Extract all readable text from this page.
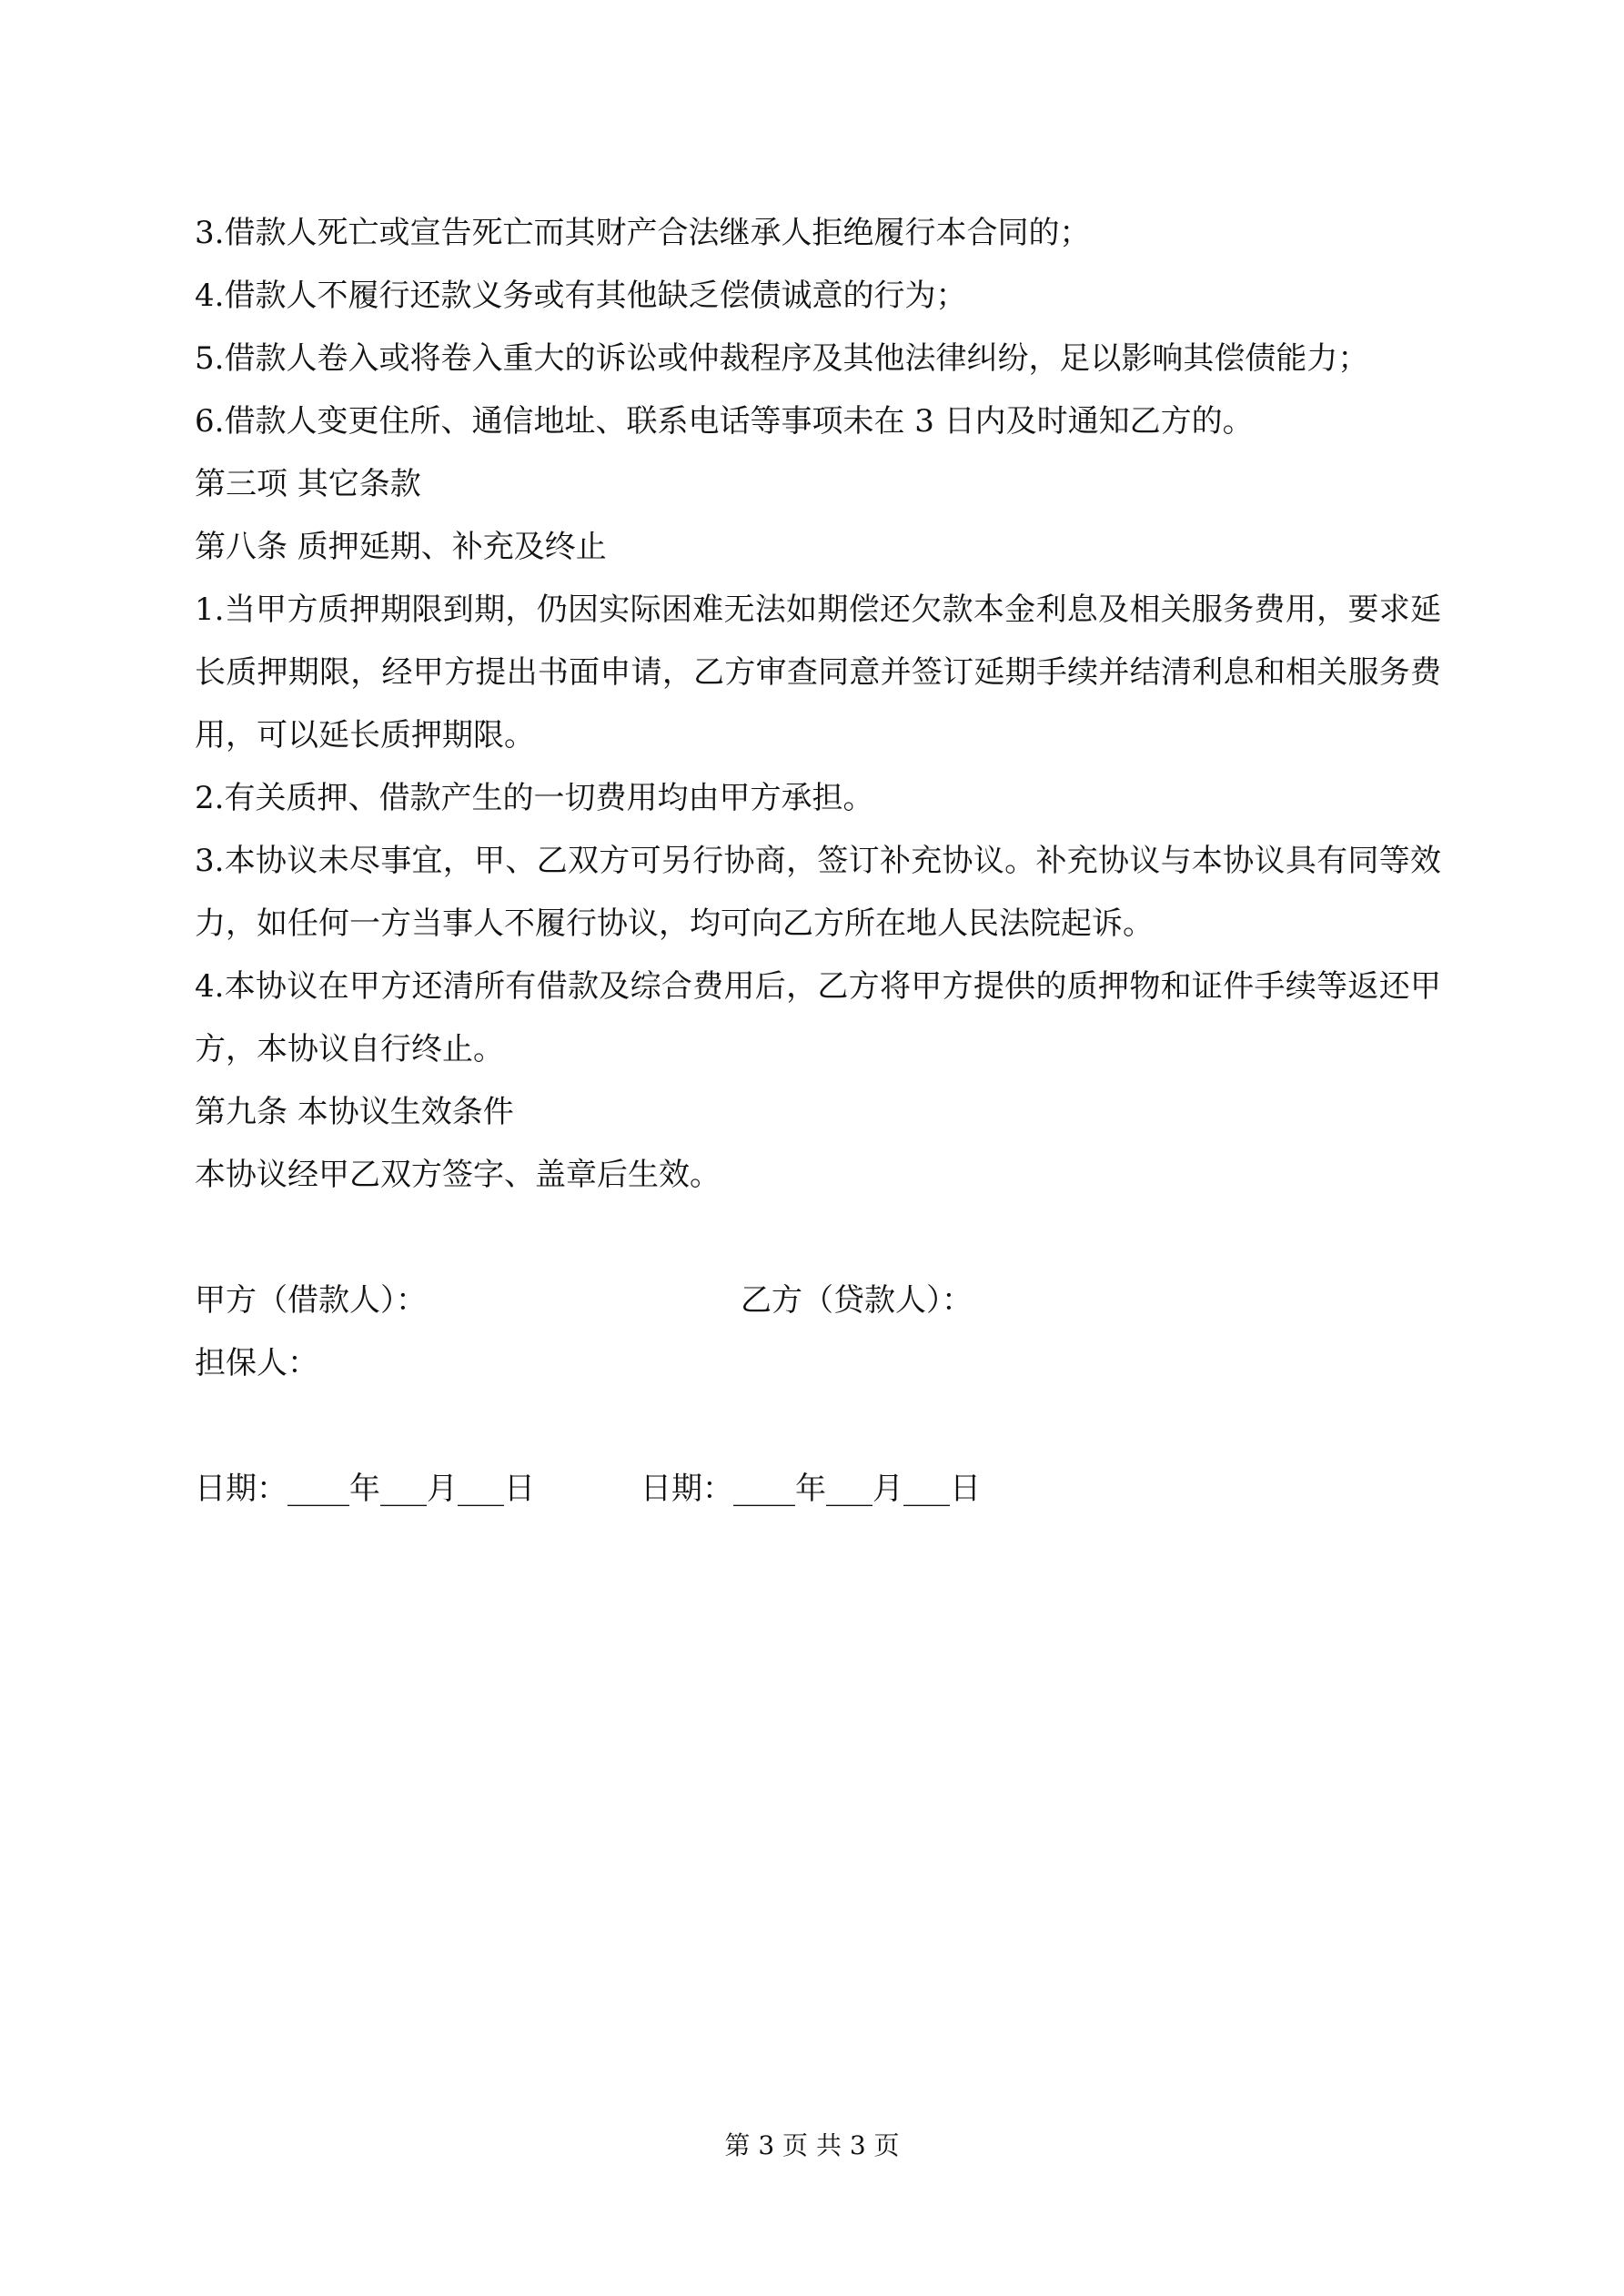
3.借款人死亡或宣告死亡而其财产合法继承人拒绝履行本合同的；

4.借款人不履行还款义务或有其他缺乏偿债诚意的行为；

5.借款人卷入或将卷入重大的诉讼或仲裁程序及其他法律纠纷，足以影响其偿债能力；

6.借款人变更住所、通信地址、联系电话等事项未在 3 日内及时通知乙方的。

第三项 其它条款

第八条 质押延期、补充及终止

1.当甲方质押期限到期，仍因实际困难无法如期偿还欠款本金利息及相关服务费用，要求延长质押期限，经甲方提出书面申请，乙方审查同意并签订延期手续并结清利息和相关服务费用，可以延长质押期限。

2.有关质押、借款产生的一切费用均由甲方承担。

3.本协议未尽事宜，甲、乙双方可另行协商，签订补充协议。补充协议与本协议具有同等效力，如任何一方当事人不履行协议，均可向乙方所在地人民法院起诉。

4.本协议在甲方还清所有借款及综合费用后，乙方将甲方提供的质押物和证件手续等返还甲方，本协议自行终止。

第九条 本协议生效条件

本协议经甲乙双方签字、盖章后生效。

甲方（借款人）：	乙方（贷款人）：

担保人：

日期：____年___月___日	日期：____年___月___日
第 3 页 共 3 页
